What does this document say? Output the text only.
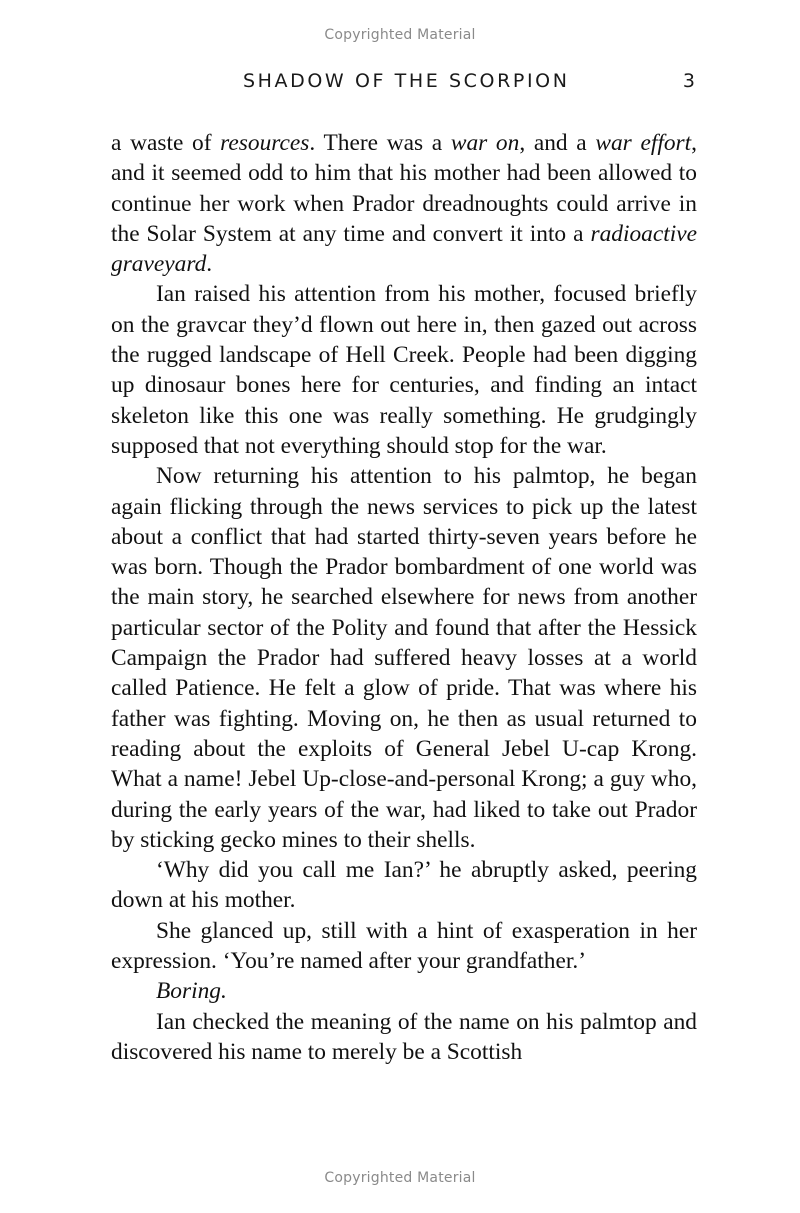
Copyrighted Material
SHADOW OF THE SCORPION	3

a waste of resources. There was a war on, and a war effort, and it seemed odd to him that his mother had been allowed to continue her work when Prador dreadnoughts could arrive in the Solar System at any time and convert it into a radioactive graveyard.

Ian raised his attention from his mother, focused briefly on the gravcar they’d flown out here in, then gazed out across the rugged landscape of Hell Creek. People had been digging up dinosaur bones here for centuries, and finding an intact skeleton like this one was really something. He grudgingly supposed that not everything should stop for the war.

Now returning his attention to his palmtop, he began again flicking through the news services to pick up the latest about a conflict that had started thirty-seven years before he was born. Though the Prador bombardment of one world was the main story, he searched elsewhere for news from another particular sector of the Polity and found that after the Hessick Campaign the Prador had suffered heavy losses at a world called Patience. He felt a glow of pride. That was where his father was fighting. Moving on, he then as usual returned to reading about the exploits of General Jebel U-cap Krong. What a name! Jebel Up-close-and-personal Krong; a guy who, during the early years of the war, had liked to take out Prador by sticking gecko mines to their shells.

‘Why did you call me Ian?’ he abruptly asked, peering down at his mother.

She glanced up, still with a hint of exasperation in her expression. ‘You’re named after your grandfather.’

Boring.

Ian checked the meaning of the name on his palmtop and discovered his name to merely be a Scottish

Copyrighted Material
